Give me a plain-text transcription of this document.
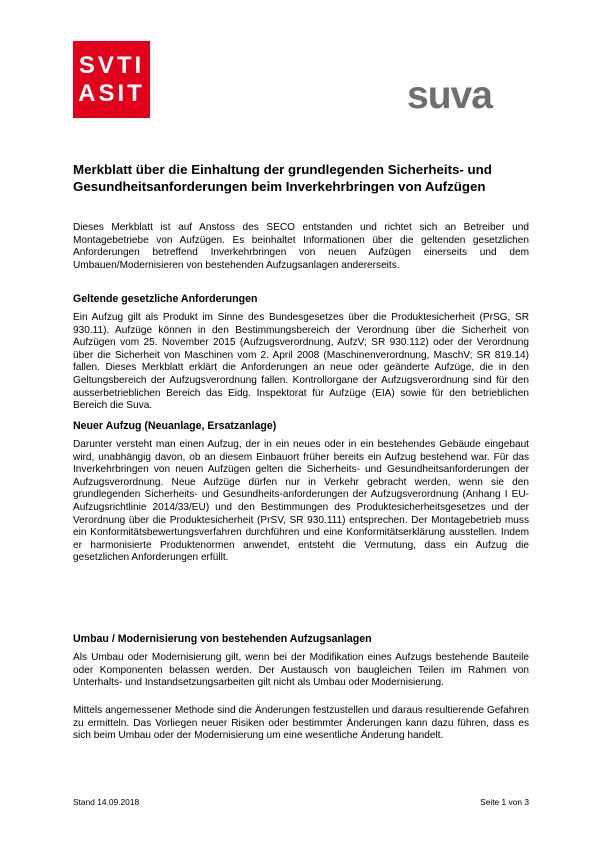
SVTI
ASIT	suva
Merkblatt über die Einhaltung der grundlegenden Sicherheits- und Gesundheitsanforderungen beim Inverkehrbringen von Aufzügen

Dieses Merkblatt ist auf Anstoss des SECO entstanden und richtet sich an Betreiber und Montagebetriebe von Aufzügen. Es beinhaltet Informationen über die geltenden gesetzlichen Anforderungen betreffend Inverkehrbringen von neuen Aufzügen einerseits und dem Umbauen/Modernisieren von bestehenden Aufzugsanlagen andererseits.

Geltende gesetzliche Anforderungen

Ein Aufzug gilt als Produkt im Sinne des Bundesgesetzes über die Produktesicherheit (PrSG, SR 930.11). Aufzüge können in den Bestimmungsbereich der Verordnung über die Sicherheit von Aufzügen vom 25. November 2015 (Aufzugsverordnung, AufzV; SR 930.112) oder der Verordnung über die Sicherheit von Maschinen vom 2. April 2008 (Maschinenverordnung, MaschV; SR 819.14) fallen. Dieses Merkblatt erklärt die Anforderungen an neue oder geänderte Aufzüge, die in den Geltungsbereich der Aufzugsverordnung fallen. Kontrollorgane der Aufzugsverordnung sind für den ausserbetrieblichen Bereich das Eidg. Inspektorat für Aufzüge (EIA) sowie für den betrieblichen Bereich die Suva.

Neuer Aufzug (Neuanlage, Ersatzanlage)

Darunter versteht man einen Aufzug, der in ein neues oder in ein bestehendes Gebäude eingebaut wird, unabhängig davon, ob an diesem Einbauort früher bereits ein Aufzug bestehend war. Für das Inverkehrbringen von neuen Aufzügen gelten die Sicherheits- und Gesundheitsanforderungen der Aufzugsverordnung. Neue Aufzüge dürfen nur in Verkehr gebracht werden, wenn sie den grundlegenden Sicherheits- und Gesundheits-anforderungen der Aufzugsverordnung (Anhang I EU-Aufzugsrichtlinie 2014/33/EU) und den Bestimmungen des Produktesicherheitsgesetzes und der Verordnung über die Produktesicherheit (PrSV, SR 930.111) entsprechen. Der Montagebetrieb muss ein Konformitätsbewertungsverfahren durchführen und eine Konformitätserklärung ausstellen. Indem er harmonisierte Produktenormen anwendet, entsteht die Vermutung, dass ein Aufzug die gesetzlichen Anforderungen erfüllt.

Umbau / Modernisierung von bestehenden Aufzugsanlagen

Als Umbau oder Modernisierung gilt, wenn bei der Modifikation eines Aufzugs bestehende Bauteile oder Komponenten belassen werden. Der Austausch von baugleichen Teilen im Rahmen von Unterhalts- und Instandsetzungsarbeiten gilt nicht als Umbau oder Modernisierung.

Mittels angemessener Methode sind die Änderungen festzustellen und daraus resultierende Gefahren zu ermitteln. Das Vorliegen neuer Risiken oder bestimmter Änderungen kann dazu führen, dass es sich beim Umbau oder der Modernisierung um eine wesentliche Änderung handelt.

Stand 14.09.2018	Seite 1 von 3
